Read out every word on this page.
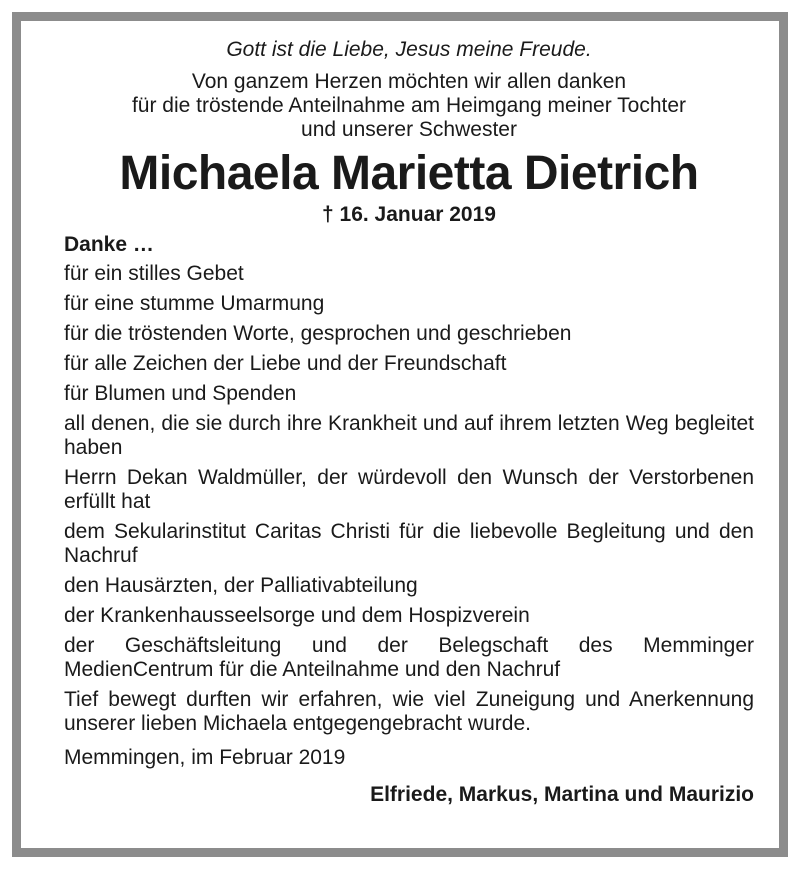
Gott ist die Liebe, Jesus meine Freude.

Von ganzem Herzen möchten wir allen danken

für die tröstende Anteilnahme am Heimgang meiner Tochter

und unserer Schwester

Michaela Marietta Dietrich

† 16. Januar 2019

Danke …

für ein stilles Gebet

für eine stumme Umarmung

für die tröstenden Worte, gesprochen und geschrieben

für alle Zeichen der Liebe und der Freundschaft

für Blumen und Spenden

all denen, die sie durch ihre Krankheit und auf ihrem letzten Weg begleitet haben

Herrn Dekan Waldmüller, der würdevoll den Wunsch der Verstorbenen erfüllt hat

dem Sekularinstitut Caritas Christi für die liebevolle Begleitung und den Nachruf

den Hausärzten, der Palliativabteilung

der Krankenhausseelsorge und dem Hospizverein

der Geschäftsleitung und der Belegschaft des Memminger MedienCentrum für die Anteilnahme und den Nachruf

Tief bewegt durften wir erfahren, wie viel Zuneigung und Anerkennung unserer lieben Michaela entgegengebracht wurde.

Memmingen, im Februar 2019

Elfriede, Markus, Martina und Maurizio
